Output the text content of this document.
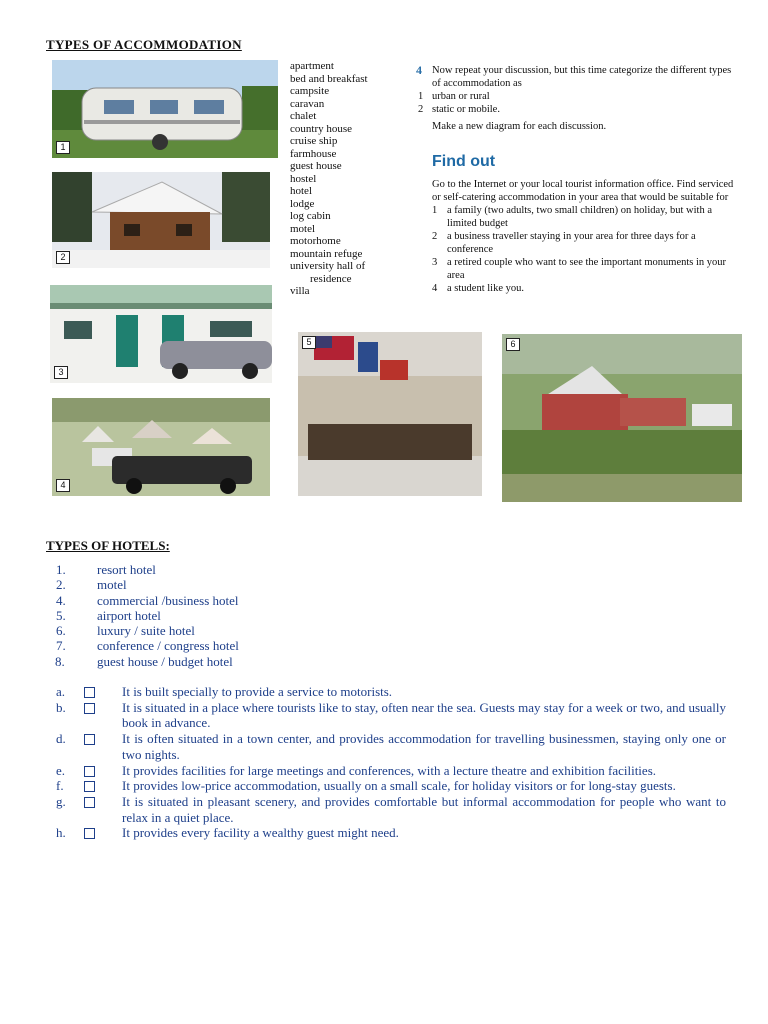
TYPES OF ACCOMMODATION
1
2
3
4
5	6
apartment
bed and breakfast
campsite
caravan
chalet
country house
cruise ship
farmhouse
guest house
hostel
hotel
lodge
log cabin
motel
motorhome
mountain refuge
university hall of
residence
villa
4 Now repeat your discussion, but this time categorize the different types of accommodation as
1 urban or rural
2 static or mobile.
Make a new diagram for each discussion.
Find out
Go to the Internet or your local tourist information office. Find serviced or self-catering accommodation in your area that would be suitable for
1 a family (two adults, two small children) on holiday, but with a limited budget
2 a business traveller staying in your area for three days for a conference
3 a retired couple who want to see the important monuments in your area
4 a student like you.
TYPES OF HOTELS:
1. resort hotel
2. motel
4. commercial /business hotel
5. airport hotel
6. luxury / suite hotel
7. conference / congress hotel
8. guest house / budget hotel
a.	It is built specially to provide a service to motorists.
b.	It is situated in a place where tourists like to stay, often near the sea. Guests may stay for a week or two, and usually book in advance.
d.	It is often situated in a town center, and provides accommodation for travelling businessmen, staying only one or two nights.
e.	It provides facilities for large meetings and conferences, with a lecture theatre and exhibition facilities.
f.	It provides low-price accommodation, usually on a small scale, for holiday visitors or for long-stay guests.
g.	It is situated in pleasant scenery, and provides comfortable but informal accommodation for people who want to relax in a quiet place.
h.	It provides every facility a wealthy guest might need.
